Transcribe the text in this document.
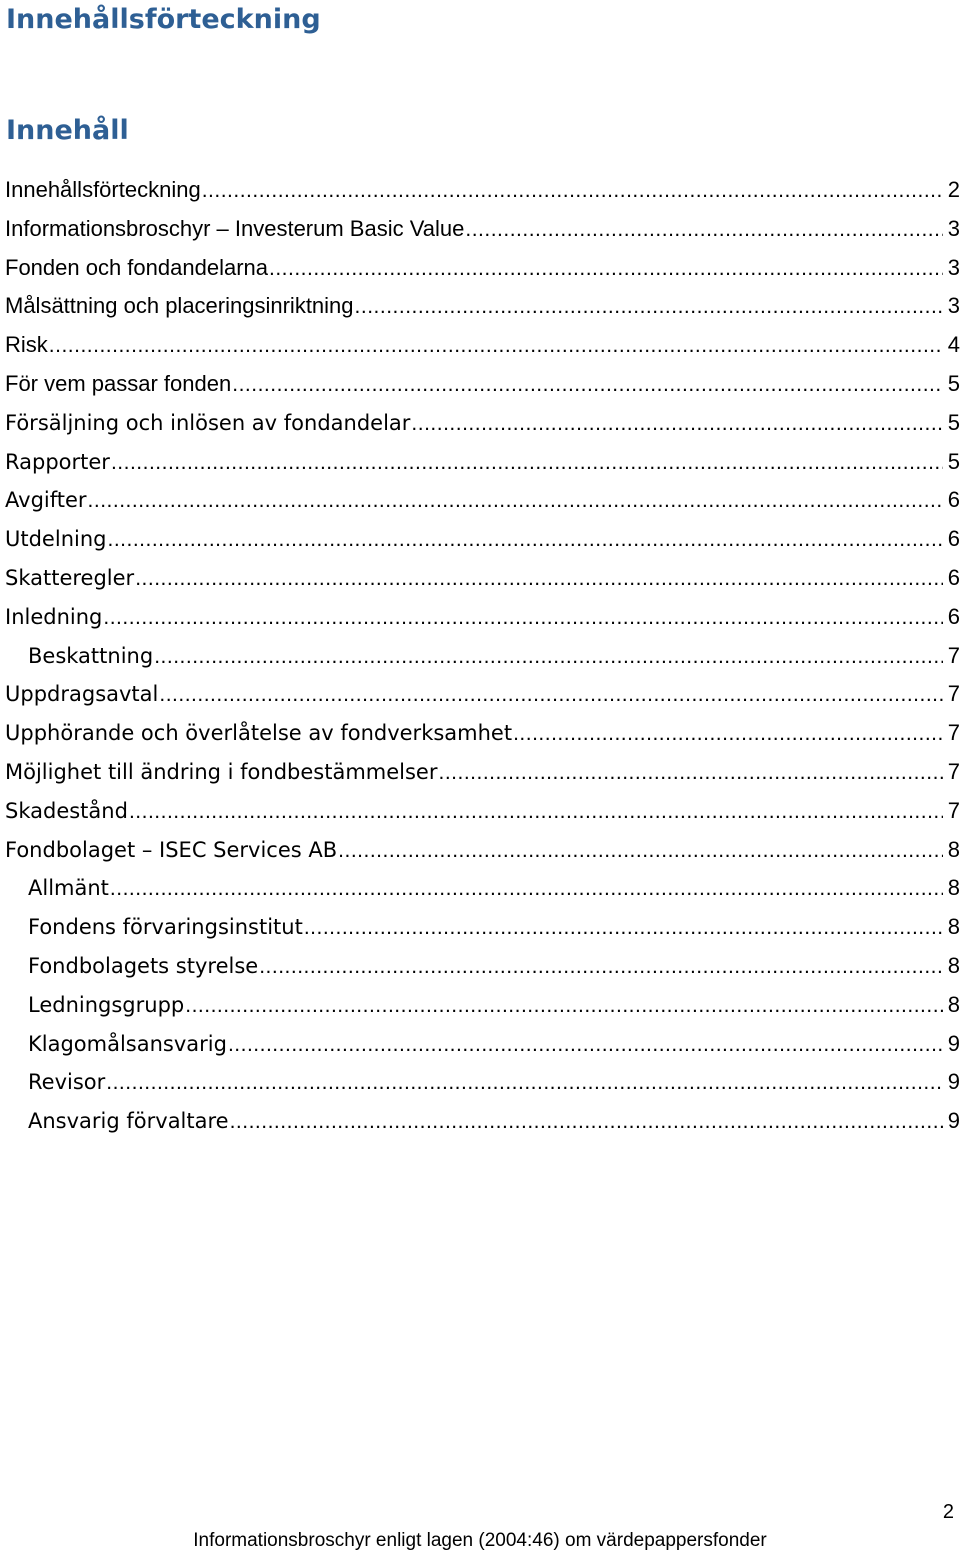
Innehållsförteckning
Innehåll
Innehållsförteckning .....	2
Informationsbroschyr – Investerum Basic Value .....	3
Fonden och fondandelarna .....	3
Målsättning och placeringsinriktning .....	3
Risk .....	4
För vem passar fonden .....	5
Försäljning och inlösen av fondandelar .....	5
Rapporter .....	5
Avgifter .....	6
Utdelning .....	6
Skatteregler .....	6
Inledning .....	6
Beskattning .....	7
Uppdragsavtal .....	7
Upphörande och överlåtelse av fondverksamhet .....	7
Möjlighet till ändring i fondbestämmelser .....	7
Skadestånd .....	7
Fondbolaget – ISEC Services AB .....	8
Allmänt .....	8
Fondens förvaringsinstitut .....	8
Fondbolagets styrelse .....	8
Ledningsgrupp .....	8
Klagomålsansvarig .....	9
Revisor .....	9
Ansvarig förvaltare .....	9
2
Informationsbroschyr enligt lagen (2004:46) om värdepappersfonder
